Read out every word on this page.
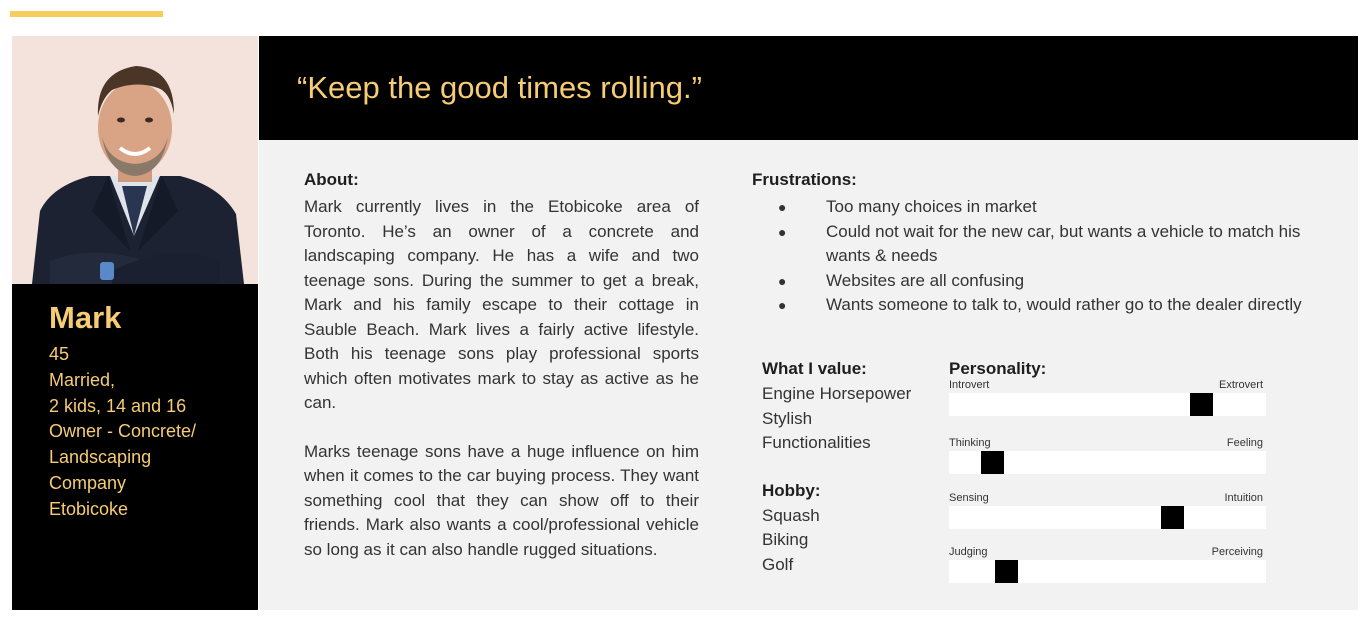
Mark
45
Married,
2 kids, 14 and 16
Owner - Concrete/
Landscaping
Company
Etobicoke
“Keep the good times rolling.”
About:

Mark currently lives in the Etobicoke area of Toronto. He’s an owner of a concrete and landscaping company. He has a wife and two teenage sons. During the summer to get a break, Mark and his family escape to their cottage in Sauble Beach. Mark lives a fairly active lifestyle. Both his teenage sons play professional sports which often motivates mark to stay as active as he can.

Marks teenage sons have a huge influence on him when it comes to the car buying process. They want something cool that they can show off to their friends. Mark also wants a cool/professional vehicle so long as it can also handle rugged situations.

Frustrations:
● Too many choices in market
● Could not wait for the new car, but wants a vehicle to match his wants & needs
● Websites are all confusing
● Wants someone to talk to, would rather go to the dealer directly
What I value:
Engine Horsepower
Stylish
Functionalities
Hobby:
Squash
Biking
Golf
Personality:
Introvert	Extrovert
Thinking	Feeling
Sensing	Intuition
Judging	Perceiving
